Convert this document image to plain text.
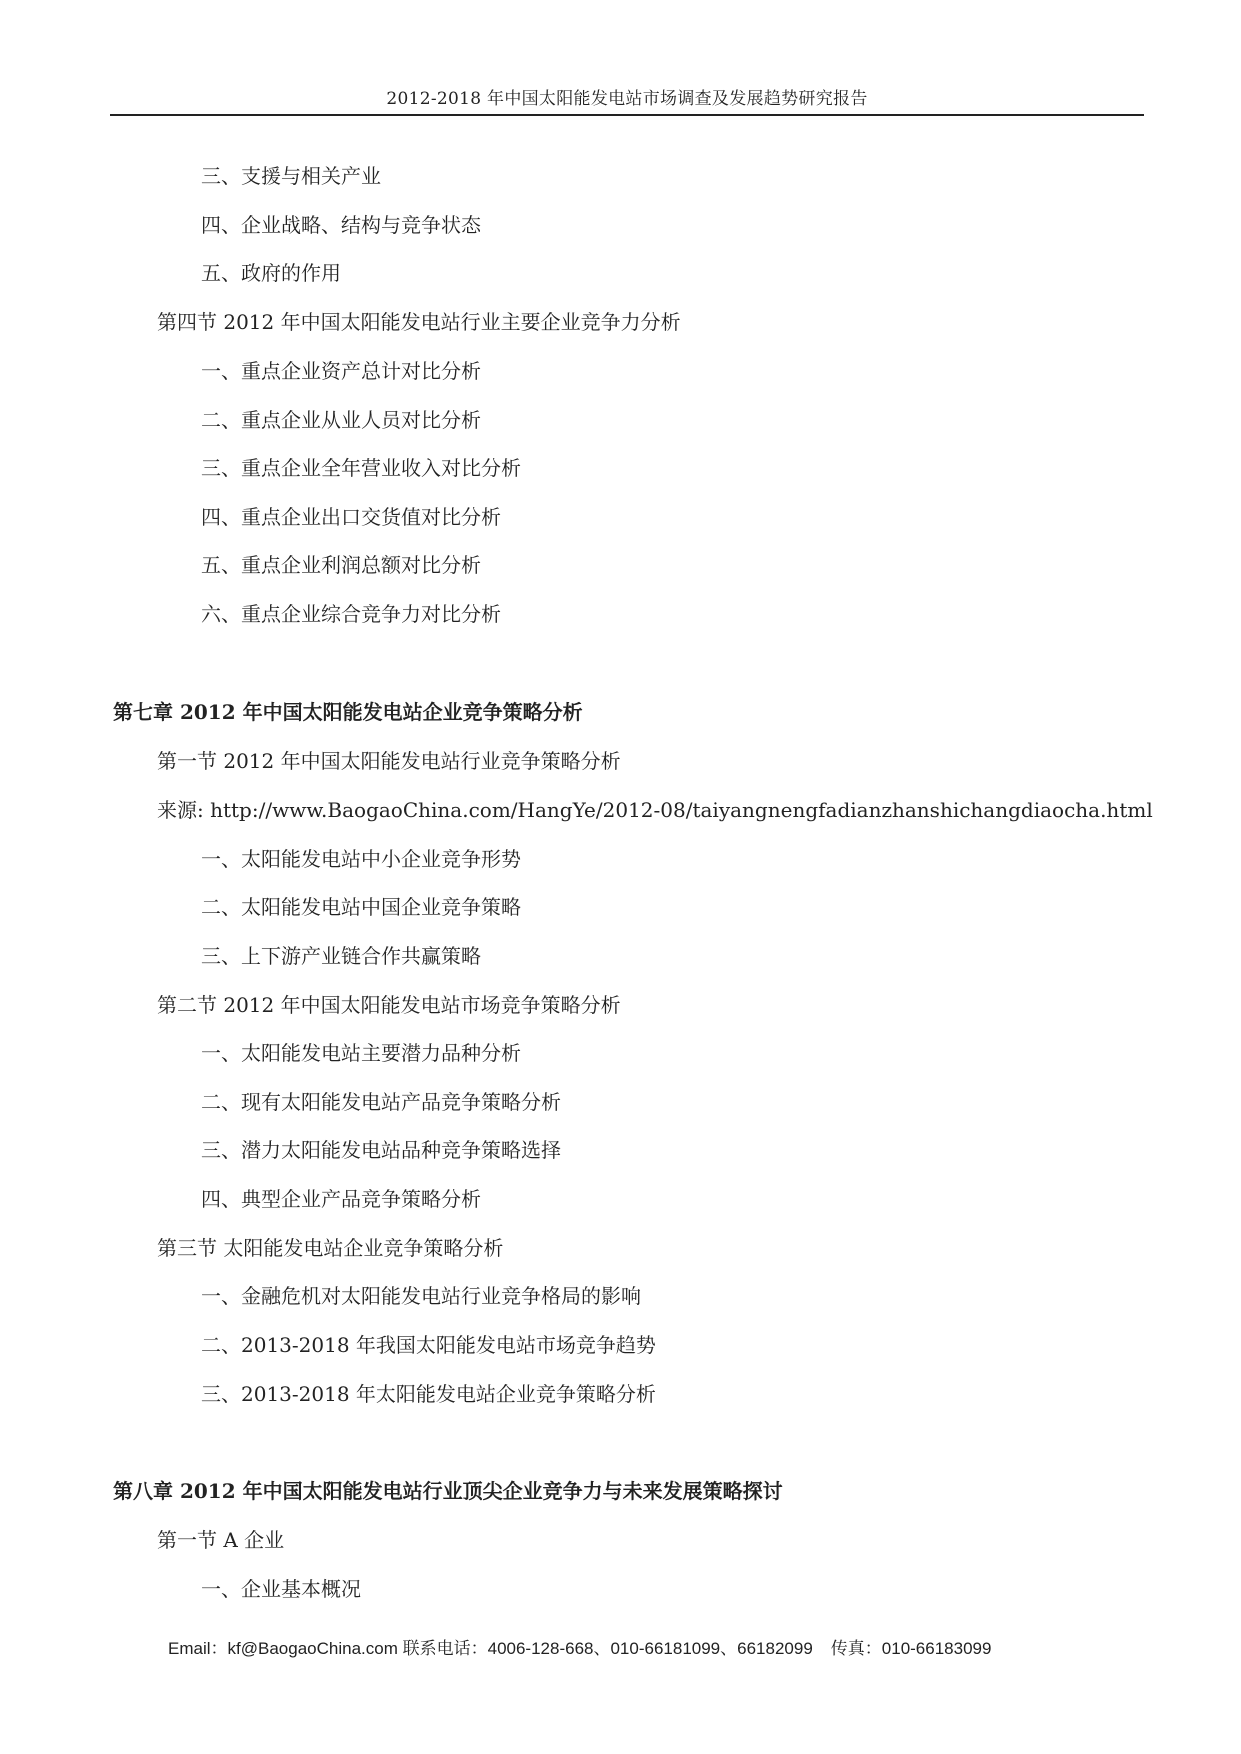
2012-2018 年中国太阳能发电站市场调查及发展趋势研究报告
三、支援与相关产业
四、企业战略、结构与竞争状态
五、政府的作用
第四节 2012 年中国太阳能发电站行业主要企业竞争力分析
一、重点企业资产总计对比分析
二、重点企业从业人员对比分析
三、重点企业全年营业收入对比分析
四、重点企业出口交货值对比分析
五、重点企业利润总额对比分析
六、重点企业综合竞争力对比分析
第七章 2012 年中国太阳能发电站企业竞争策略分析
第一节 2012 年中国太阳能发电站行业竞争策略分析
来源: http://www.BaogaoChina.com/HangYe/2012-08/taiyangnengfadianzhanshichangdiaocha.html
一、太阳能发电站中小企业竞争形势
二、太阳能发电站中国企业竞争策略
三、上下游产业链合作共赢策略
第二节 2012 年中国太阳能发电站市场竞争策略分析
一、太阳能发电站主要潜力品种分析
二、现有太阳能发电站产品竞争策略分析
三、潜力太阳能发电站品种竞争策略选择
四、典型企业产品竞争策略分析
第三节 太阳能发电站企业竞争策略分析
一、金融危机对太阳能发电站行业竞争格局的影响
二、2013-2018 年我国太阳能发电站市场竞争趋势
三、2013-2018 年太阳能发电站企业竞争策略分析
第八章 2012 年中国太阳能发电站行业顶尖企业竞争力与未来发展策略探讨
第一节 A 企业
一、企业基本概况
Email：kf@BaogaoChina.com 联系电话：4006-128-668、010-66181099、66182099 传真：010-66183099
